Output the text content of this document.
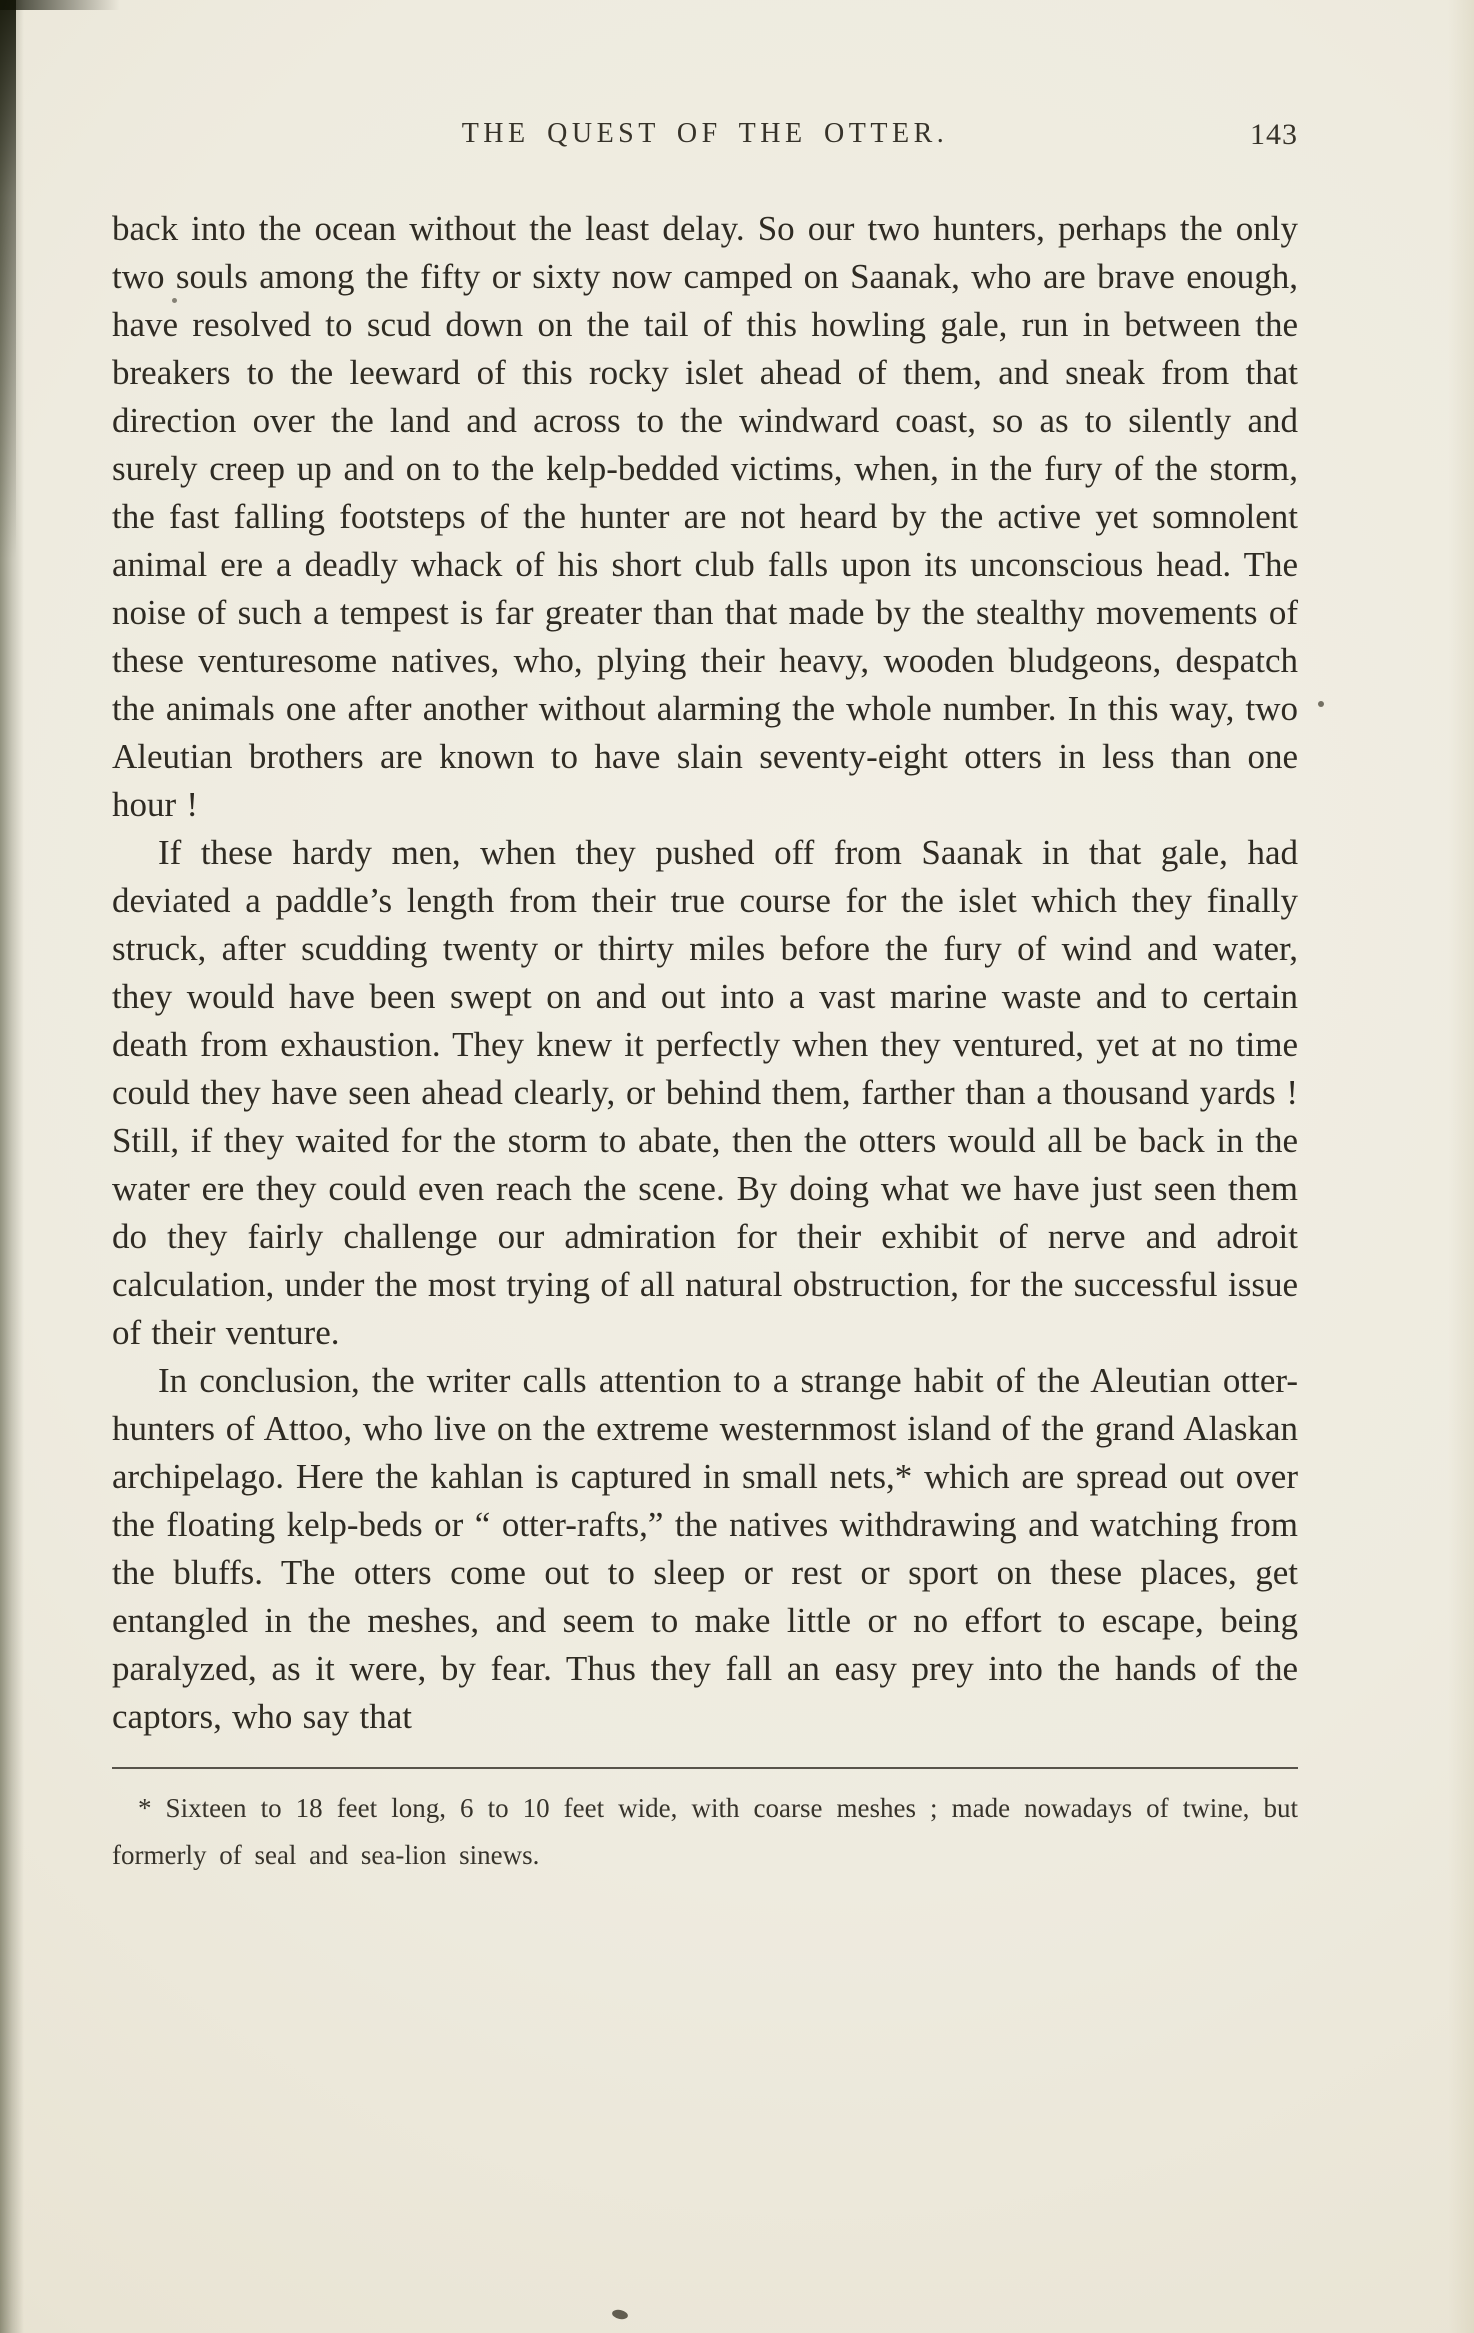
THE QUEST OF THE OTTER.	143

back into the ocean without the least delay. So our two hunters, perhaps the only two souls among the fifty or sixty now camped on Saanak, who are brave enough, have resolved to scud down on the tail of this howling gale, run in between the breakers to the leeward of this rocky islet ahead of them, and sneak from that direction over the land and across to the windward coast, so as to silently and surely creep up and on to the kelp-bedded victims, when, in the fury of the storm, the fast falling footsteps of the hunter are not heard by the active yet somnolent animal ere a deadly whack of his short club falls upon its unconscious head. The noise of such a tempest is far greater than that made by the stealthy movements of these venturesome natives, who, plying their heavy, wooden bludgeons, despatch the animals one after another without alarming the whole number. In this way, two Aleutian brothers are known to have slain seventy-eight otters in less than one hour !

If these hardy men, when they pushed off from Saanak in that gale, had deviated a paddle’s length from their true course for the islet which they finally struck, after scudding twenty or thirty miles before the fury of wind and water, they would have been swept on and out into a vast marine waste and to certain death from exhaustion. They knew it perfectly when they ventured, yet at no time could they have seen ahead clearly, or behind them, farther than a thousand yards ! Still, if they waited for the storm to abate, then the otters would all be back in the water ere they could even reach the scene. By doing what we have just seen them do they fairly challenge our admiration for their exhibit of nerve and adroit calculation, under the most trying of all natural obstruction, for the successful issue of their venture.

In conclusion, the writer calls attention to a strange habit of the Aleutian otter-hunters of Attoo, who live on the extreme westernmost island of the grand Alaskan archipelago. Here the kahlan is captured in small nets,* which are spread out over the floating kelp-beds or “ otter-rafts,” the natives withdrawing and watching from the bluffs. The otters come out to sleep or rest or sport on these places, get entangled in the meshes, and seem to make little or no effort to escape, being paralyzed, as it were, by fear. Thus they fall an easy prey into the hands of the captors, who say that

* Sixteen to 18 feet long, 6 to 10 feet wide, with coarse meshes ; made nowadays of twine, but formerly of seal and sea-lion sinews.
